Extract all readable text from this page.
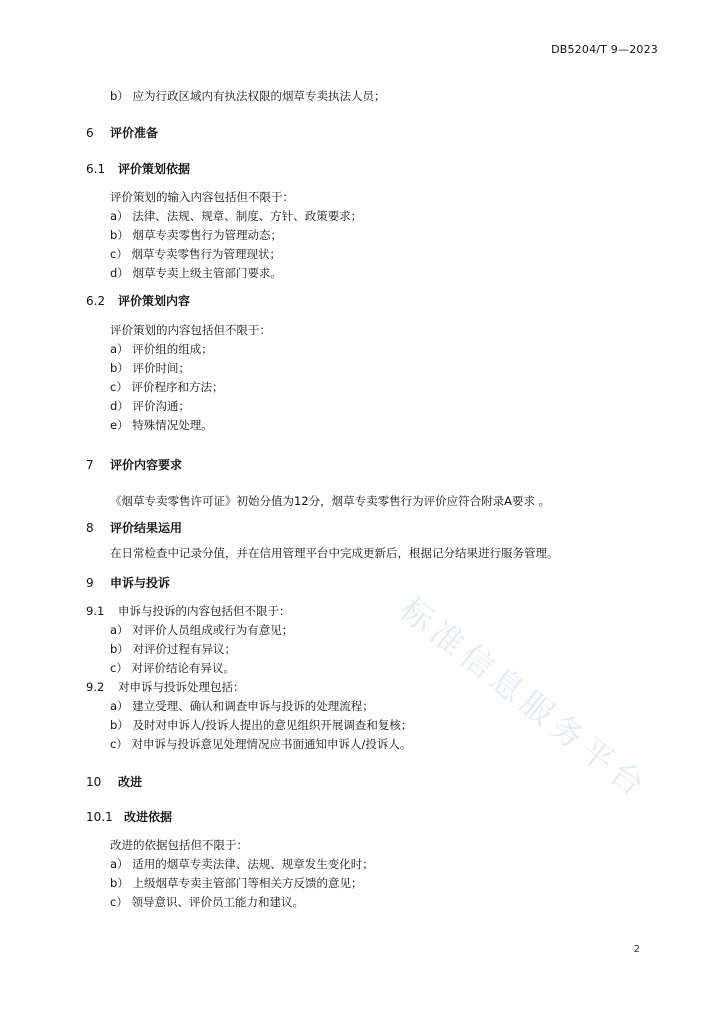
DB5204/T 9—2023
标准信息服务平台
b） 应为行政区域内有执法权限的烟草专卖执法人员；
6 评价准备
6.1 评价策划依据
评价策划的输入内容包括但不限于：
a） 法律、法规、规章、制度、方针、政策要求；
b） 烟草专卖零售行为管理动态；
c） 烟草专卖零售行为管理现状；
d） 烟草专卖上级主管部门要求。
6.2 评价策划内容
评价策划的内容包括但不限于：
a） 评价组的组成；
b） 评价时间；
c） 评价程序和方法；
d） 评价沟通；
e） 特殊情况处理。
7 评价内容要求
《烟草专卖零售许可证》初始分值为12分，烟草专卖零售行为评价应符合附录A要求 。
8 评价结果运用
在日常检查中记录分值，并在信用管理平台中完成更新后，根据记分结果进行服务管理。
9 申诉与投诉
9.1 申诉与投诉的内容包括但不限于：
a） 对评价人员组成或行为有意见；
b） 对评价过程有异议；
c） 对评价结论有异议。
9.2 对申诉与投诉处理包括：
a） 建立受理、确认和调查申诉与投诉的处理流程；
b） 及时对申诉人/投诉人提出的意见组织开展调查和复核；
c） 对申诉与投诉意见处理情况应书面通知申诉人/投诉人。
10 改进
10.1 改进依据
改进的依据包括但不限于：
a） 适用的烟草专卖法律、法规、规章发生变化时；
b） 上级烟草专卖主管部门等相关方反馈的意见；
c） 领导意识、评价员工能力和建议。
2
